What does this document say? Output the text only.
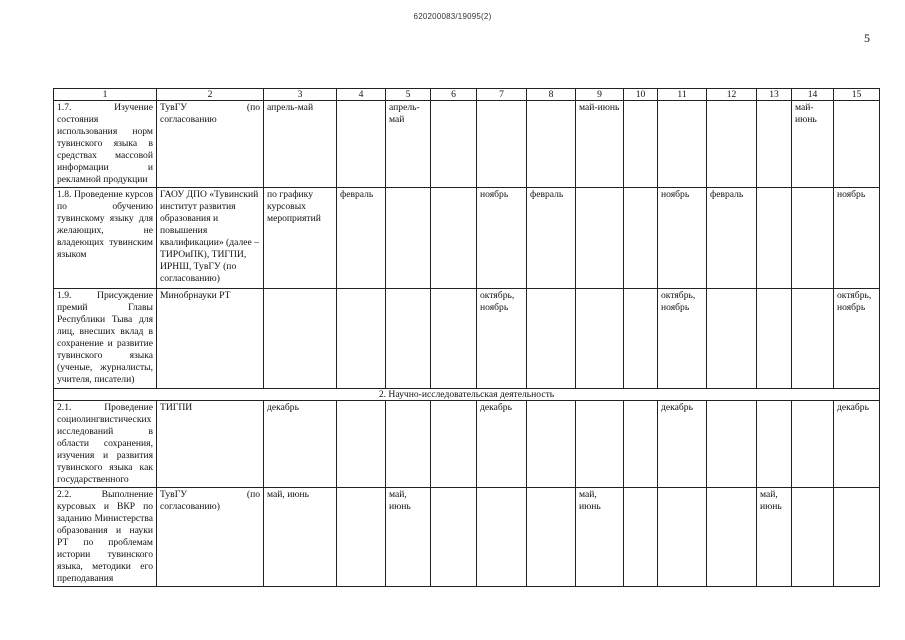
620200083/19095(2)
5
1	2	3	4	5	6	7	8	9	10	11	12	13	14	15
1.7. Изучение состояния использования норм тувинского языка в средствах массовой информации и рекламной продукции	ТувГУ (по согласованию	апрель-май		апрель-май				май-июнь					май-июнь	
1.8. Проведение курсов по обучению тувинскому языку для желающих, не владеющих тувинским языком	ГАОУ ДПО «Тувинский институт развития образования и повышения квалификации» (далее – ТИРОиПК), ТИГПИ, ИРНШ, ТувГУ (по согласованию)	по графику курсовых мероприятий	февраль			ноябрь	февраль			ноябрь	февраль			ноябрь
1.9. Присуждение премий Главы Республики Тыва для лиц, внесших вклад в сохранение и развитие тувинского языка (ученые, журналисты, учителя, писатели)	Минобрнауки РТ					октябрь, ноябрь				октябрь, ноябрь				октябрь, ноябрь
2. Научно-исследовательская деятельность														
2.1. Проведение социолингвистических исследований в области сохранения, изучения и развития тувинского языка как государственного	ТИГПИ	декабрь				декабрь				декабрь				декабрь
2.2. Выполнение курсовых и ВКР по заданию Министерства образования и науки РТ по проблемам истории тувинского языка, методики его преподавания	ТувГУ (по согласованию)	май, июнь		май, июнь				май, июнь				май, июнь		
